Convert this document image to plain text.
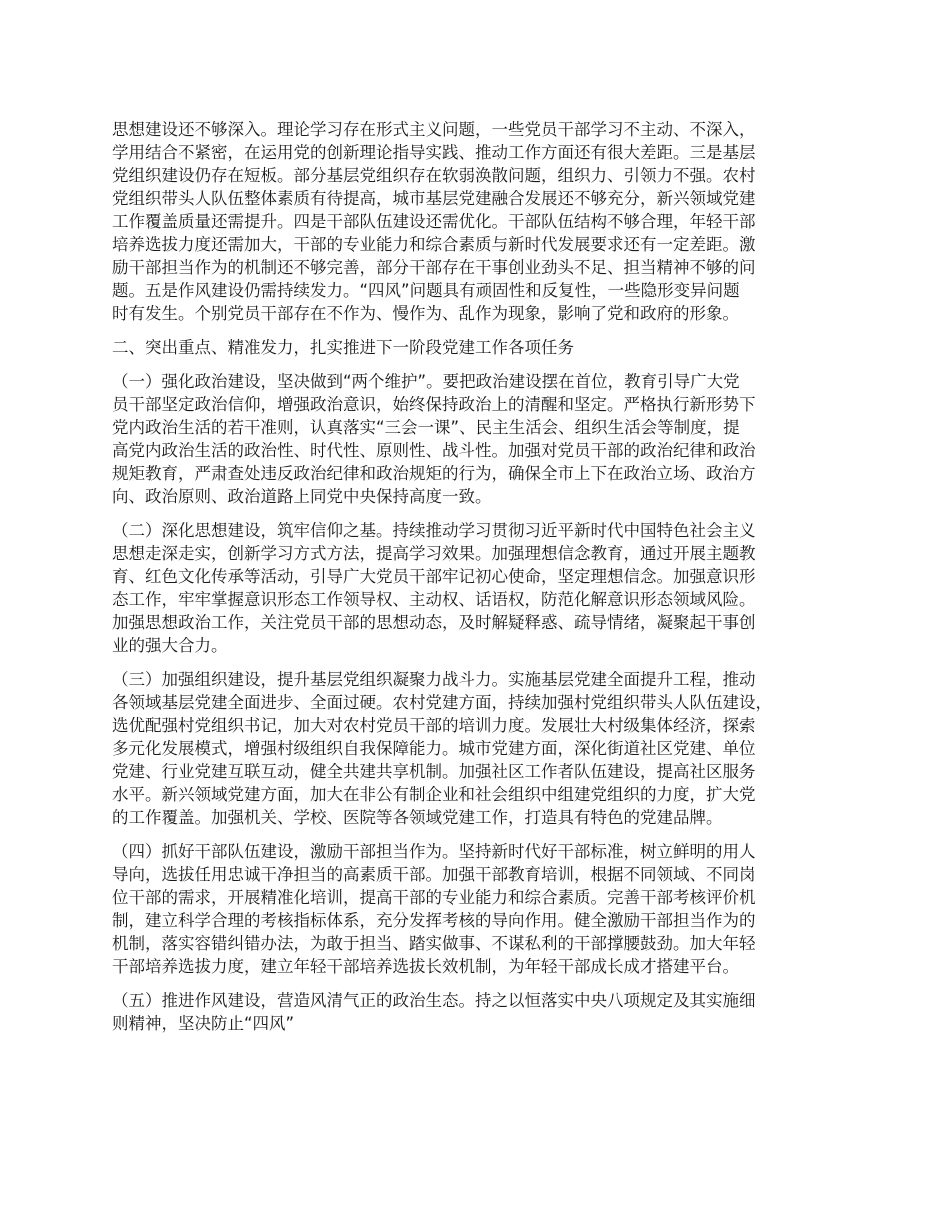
思想建设还不够深入。理论学习存在形式主义问题，一些党员干部学习不主动、不深入，
学用结合不紧密，在运用党的创新理论指导实践、推动工作方面还有很大差距。三是基层
党组织建设仍存在短板。部分基层党组织存在软弱涣散问题，组织力、引领力不强。农村
党组织带头人队伍整体素质有待提高，城市基层党建融合发展还不够充分，新兴领域党建
工作覆盖质量还需提升。四是干部队伍建设还需优化。干部队伍结构不够合理，年轻干部
培养选拔力度还需加大，干部的专业能力和综合素质与新时代发展要求还有一定差距。激
励干部担当作为的机制还不够完善，部分干部存在干事创业劲头不足、担当精神不够的问
题。五是作风建设仍需持续发力。“四风”问题具有顽固性和反复性，一些隐形变异问题
时有发生。个别党员干部存在不作为、慢作为、乱作为现象，影响了党和政府的形象。
二、突出重点、精准发力，扎实推进下一阶段党建工作各项任务
（一）强化政治建设，坚决做到“两个维护”。要把政治建设摆在首位，教育引导广大党
员干部坚定政治信仰，增强政治意识，始终保持政治上的清醒和坚定。严格执行新形势下
党内政治生活的若干准则，认真落实“三会一课”、民主生活会、组织生活会等制度，提
高党内政治生活的政治性、时代性、原则性、战斗性。加强对党员干部的政治纪律和政治
规矩教育，严肃查处违反政治纪律和政治规矩的行为，确保全市上下在政治立场、政治方
向、政治原则、政治道路上同党中央保持高度一致。
（二）深化思想建设，筑牢信仰之基。持续推动学习贯彻习近平新时代中国特色社会主义
思想走深走实，创新学习方式方法，提高学习效果。加强理想信念教育，通过开展主题教
育、红色文化传承等活动，引导广大党员干部牢记初心使命，坚定理想信念。加强意识形
态工作，牢牢掌握意识形态工作领导权、主动权、话语权，防范化解意识形态领域风险。
加强思想政治工作，关注党员干部的思想动态，及时解疑释惑、疏导情绪，凝聚起干事创
业的强大合力。
（三）加强组织建设，提升基层党组织凝聚力战斗力。实施基层党建全面提升工程，推动
各领域基层党建全面进步、全面过硬。农村党建方面，持续加强村党组织带头人队伍建设，
选优配强村党组织书记，加大对农村党员干部的培训力度。发展壮大村级集体经济，探索
多元化发展模式，增强村级组织自我保障能力。城市党建方面，深化街道社区党建、单位
党建、行业党建互联互动，健全共建共享机制。加强社区工作者队伍建设，提高社区服务
水平。新兴领域党建方面，加大在非公有制企业和社会组织中组建党组织的力度，扩大党
的工作覆盖。加强机关、学校、医院等各领域党建工作，打造具有特色的党建品牌。
（四）抓好干部队伍建设，激励干部担当作为。坚持新时代好干部标准，树立鲜明的用人
导向，选拔任用忠诚干净担当的高素质干部。加强干部教育培训，根据不同领域、不同岗
位干部的需求，开展精准化培训，提高干部的专业能力和综合素质。完善干部考核评价机
制，建立科学合理的考核指标体系，充分发挥考核的导向作用。健全激励干部担当作为的
机制，落实容错纠错办法，为敢于担当、踏实做事、不谋私利的干部撑腰鼓劲。加大年轻
干部培养选拔力度，建立年轻干部培养选拔长效机制，为年轻干部成长成才搭建平台。
（五）推进作风建设，营造风清气正的政治生态。持之以恒落实中央八项规定及其实施细
则精神，坚决防止“四风”
